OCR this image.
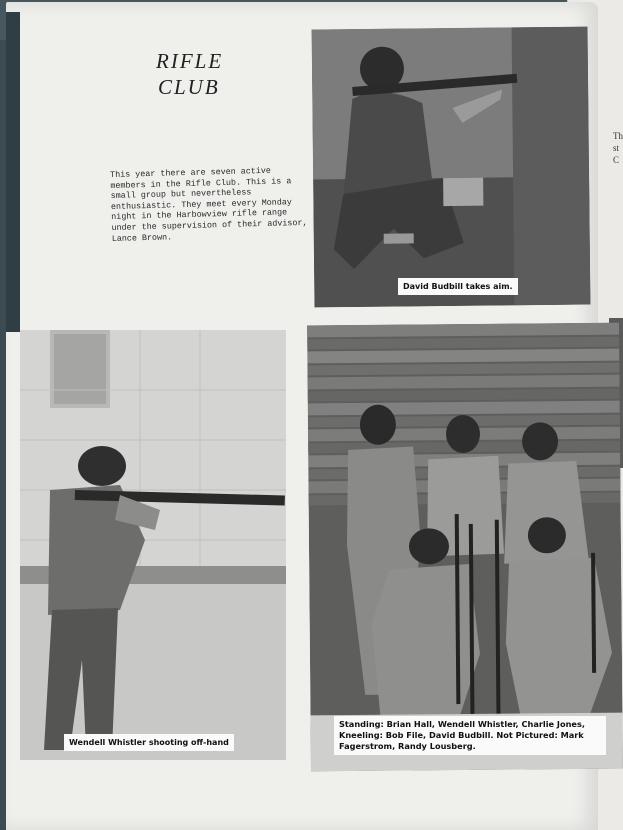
Th st C
RIFLE
CLUB
This year there are seven active members in the Rifle Club. This is a small group but nevertheless enthusiastic. They meet every Monday night in the Harbowview rifle range under the supervision of their advisor, Lance Brown.
David Budbill takes aim.
Wendell Whistler shooting off-hand
Standing: Brian Hall, Wendell Whistler, Charlie Jones, Kneeling: Bob File, David Budbill. Not Pictured: Mark Fagerstrom, Randy Lousberg.
